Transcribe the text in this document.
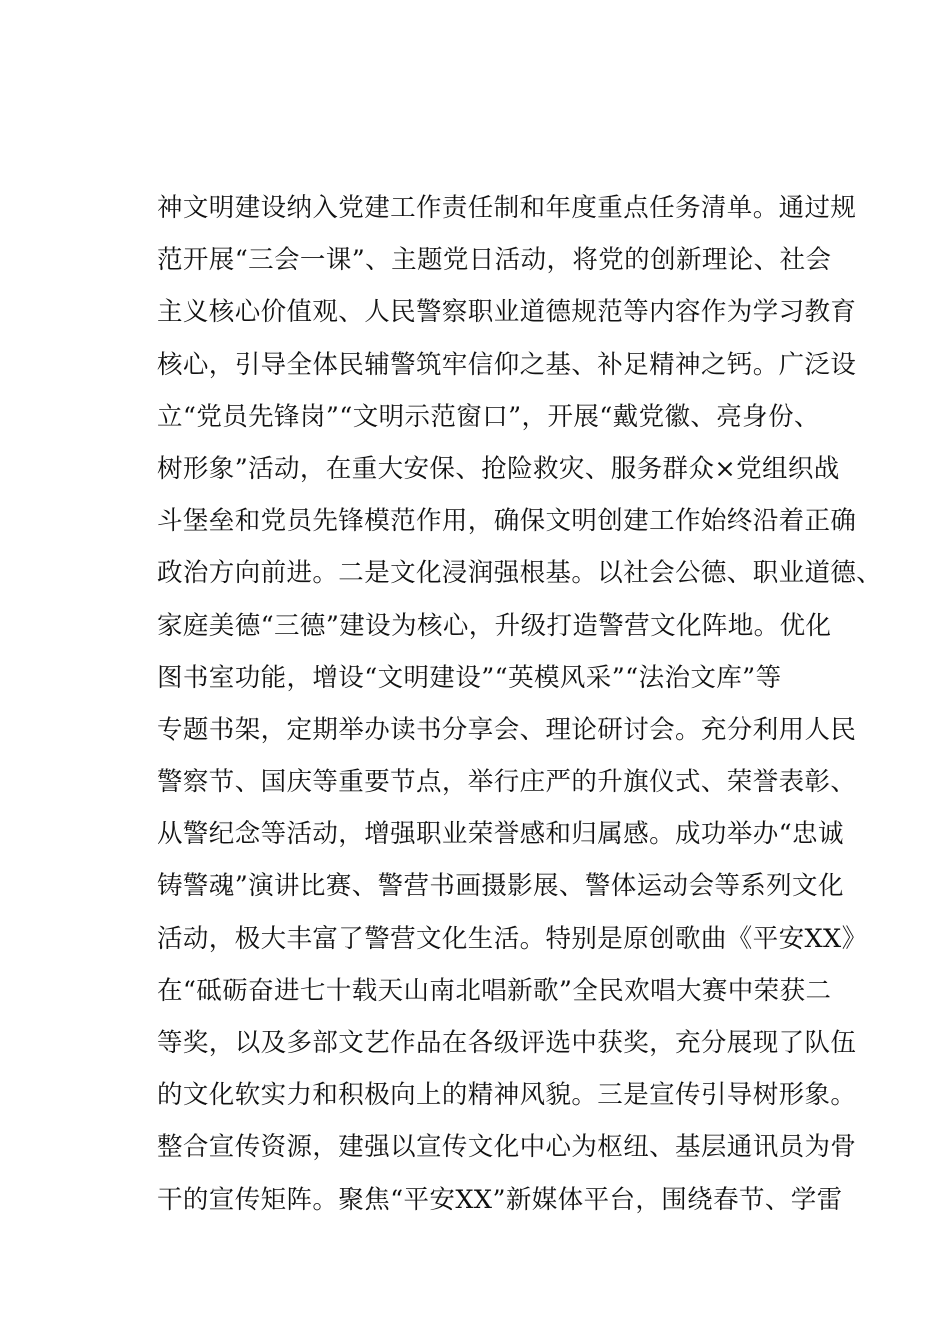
神文明建设纳入党建工作责任制和年度重点任务清单。通过规
范开展“三会一课”、主题党日活动，将党的创新理论、社会
主义核心价值观、人民警察职业道德规范等内容作为学习教育
核心，引导全体民辅警筑牢信仰之基、补足精神之钙。广泛设
立“党员先锋岗”“文明示范窗口”，开展“戴党徽、亮身份、
树形象”活动，在重大安保、抢险救灾、服务群众×党组织战
斗堡垒和党员先锋模范作用，确保文明创建工作始终沿着正确
政治方向前进。二是文化浸润强根基。以社会公德、职业道德、
家庭美德“三德”建设为核心，升级打造警营文化阵地。优化
图书室功能，增设“文明建设”“英模风采”“法治文库”等
专题书架，定期举办读书分享会、理论研讨会。充分利用人民
警察节、国庆等重要节点，举行庄严的升旗仪式、荣誉表彰、
从警纪念等活动，增强职业荣誉感和归属感。成功举办“忠诚
铸警魂”演讲比赛、警营书画摄影展、警体运动会等系列文化
活动，极大丰富了警营文化生活。特别是原创歌曲《平安XX》
在“砥砺奋进七十载天山南北唱新歌”全民欢唱大赛中荣获二
等奖，以及多部文艺作品在各级评选中获奖，充分展现了队伍
的文化软实力和积极向上的精神风貌。三是宣传引导树形象。
整合宣传资源，建强以宣传文化中心为枢纽、基层通讯员为骨
干的宣传矩阵。聚焦“平安XX”新媒体平台，围绕春节、学雷
